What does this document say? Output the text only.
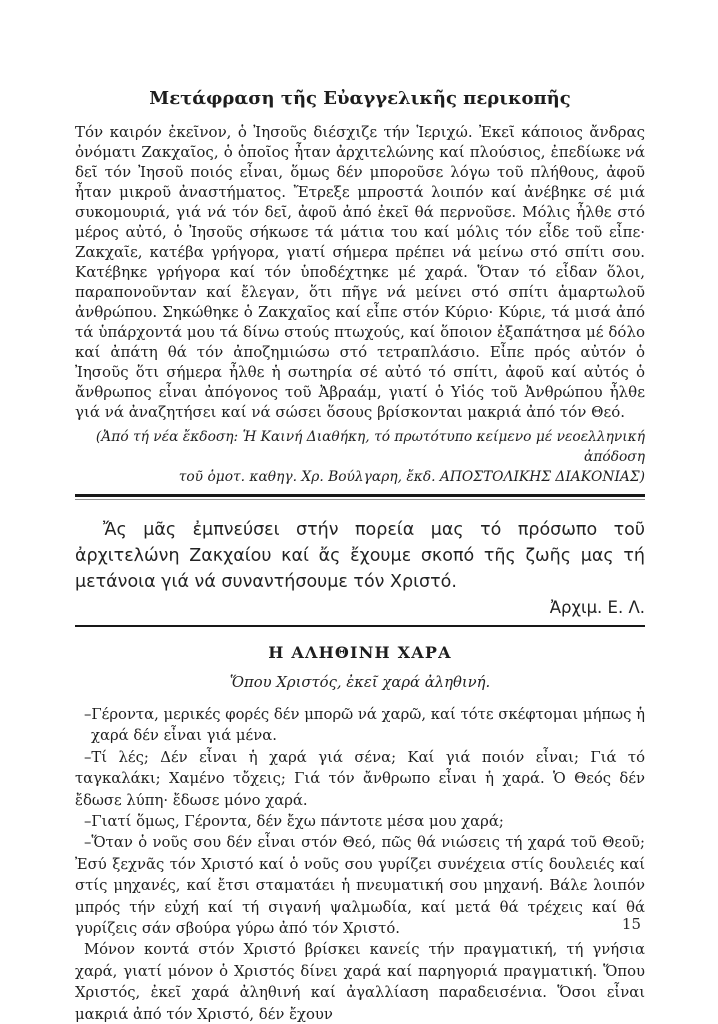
Μετάφραση τῆς Εὐαγγελικῆς περικοπῆς

Τόν καιρόν ἐκεῖνον, ὁ Ἰησοῦς διέσχιζε τήν Ἱεριχώ. Ἐκεῖ κάποιος ἄνδρας ὀνόματι Ζακχαῖος, ὁ ὁποῖος ἦταν ἀρχιτελώνης καί πλούσιος, ἐπεδίωκε νά δεῖ τόν Ἰησοῦ ποιός εἶναι, ὅμως δέν μποροῦσε λόγω τοῦ πλήθους, ἀφοῦ ἦταν μικροῦ ἀναστήματος. Ἔτρεξε μπροστά λοιπόν καί ἀνέβηκε σέ μιά συκομουριά, γιά νά τόν δεῖ, ἀφοῦ ἀπό ἐκεῖ θά περνοῦσε. Μόλις ἦλθε στό μέρος αὐτό, ὁ Ἰησοῦς σήκωσε τά μάτια του καί μόλις τόν εἶδε τοῦ εἶπε· Ζακχαῖε, κατέβα γρήγορα, γιατί σήμερα πρέπει νά μείνω στό σπίτι σου. Κατέβηκε γρήγορα καί τόν ὑποδέχτηκε μέ χαρά. Ὅταν τό εἶδαν ὅλοι, παραπονοῦνταν καί ἔλεγαν, ὅτι πῆγε νά μείνει στό σπίτι ἁμαρτωλοῦ ἀνθρώπου. Σηκώθηκε ὁ Ζακχαῖος καί εἶπε στόν Κύριο· Κύριε, τά μισά ἀπό τά ὑπάρχοντά μου τά δίνω στούς πτωχούς, καί ὅποιον ἐξαπάτησα μέ δόλο καί ἀπάτη θά τόν ἀποζημιώσω στό τετραπλάσιο. Εἶπε πρός αὐτόν ὁ Ἰησοῦς ὅτι σήμερα ἦλθε ἡ σωτηρία σέ αὐτό τό σπίτι, ἀφοῦ καί αὐτός ὁ ἄνθρωπος εἶναι ἀπόγονος τοῦ Ἀβραάμ, γιατί ὁ Υἱός τοῦ Ἀνθρώπου ἦλθε γιά νά ἀναζητήσει καί νά σώσει ὅσους βρίσκονται μακριά ἀπό τόν Θεό.

(Ἀπό τή νέα ἔκδοση: Ἡ Καινή Διαθήκη, τό πρωτότυπο κείμενο μέ νεοελληνική ἀπόδοση
τοῦ ὁμοτ. καθηγ. Χρ. Βούλγαρη, ἔκδ. ΑΠΟΣΤΟΛΙΚΗΣ ΔΙΑΚΟΝΙΑΣ)

Ἄς μᾶς ἐμπνεύσει στήν πορεία μας τό πρόσωπο τοῦ ἀρχιτελώνη Ζακχαίου καί ἄς ἔχουμε σκοπό τῆς ζωῆς μας τή μετάνοια γιά νά συναντήσουμε τόν Χριστό.

Ἀρχιμ. Ε. Λ.
Η ΑΛΗΘΙΝΗ ΧΑΡΑ
Ὅπου Χριστός, ἐκεῖ χαρά ἀληθινή.

–Γέροντα, μερικές φορές δέν μπορῶ νά χαρῶ, καί τότε σκέφτομαι μήπως ἡ χαρά δέν εἶναι γιά μένα.

–Τί λές; Δέν εἶναι ἡ χαρά γιά σένα; Καί γιά ποιόν εἶναι; Γιά τό ταγκαλάκι; Χαμένο τὄχεις; Γιά τόν ἄνθρωπο εἶναι ἡ χαρά. Ὁ Θεός δέν ἔδωσε λύπη· ἔδωσε μόνο χαρά.

–Γιατί ὅμως, Γέροντα, δέν ἔχω πάντοτε μέσα μου χαρά;

–Ὅταν ὁ νοῦς σου δέν εἶναι στόν Θεό, πῶς θά νιώσεις τή χαρά τοῦ Θεοῦ; Ἐσύ ξεχνᾶς τόν Χριστό καί ὁ νοῦς σου γυρίζει συνέχεια στίς δουλειές καί στίς μηχανές, καί ἔτσι σταματάει ἡ πνευματική σου μηχανή. Βάλε λοιπόν μπρός τήν εὐχή καί τή σιγανή ψαλμωδία, καί μετά θά τρέχεις καί θά γυρίζεις σάν σβούρα γύρω ἀπό τόν Χριστό.

Μόνον κοντά στόν Χριστό βρίσκει κανείς τήν πραγματική, τή γνήσια χαρά, γιατί μόνον ὁ Χριστός δίνει χαρά καί παρηγοριά πραγματική. Ὅπου Χριστός, ἐκεῖ χαρά ἀληθινή καί ἀγαλλίαση παραδεισένια. Ὅσοι εἶναι μακριά ἀπό τόν Χριστό, δέν ἔχουν

15
